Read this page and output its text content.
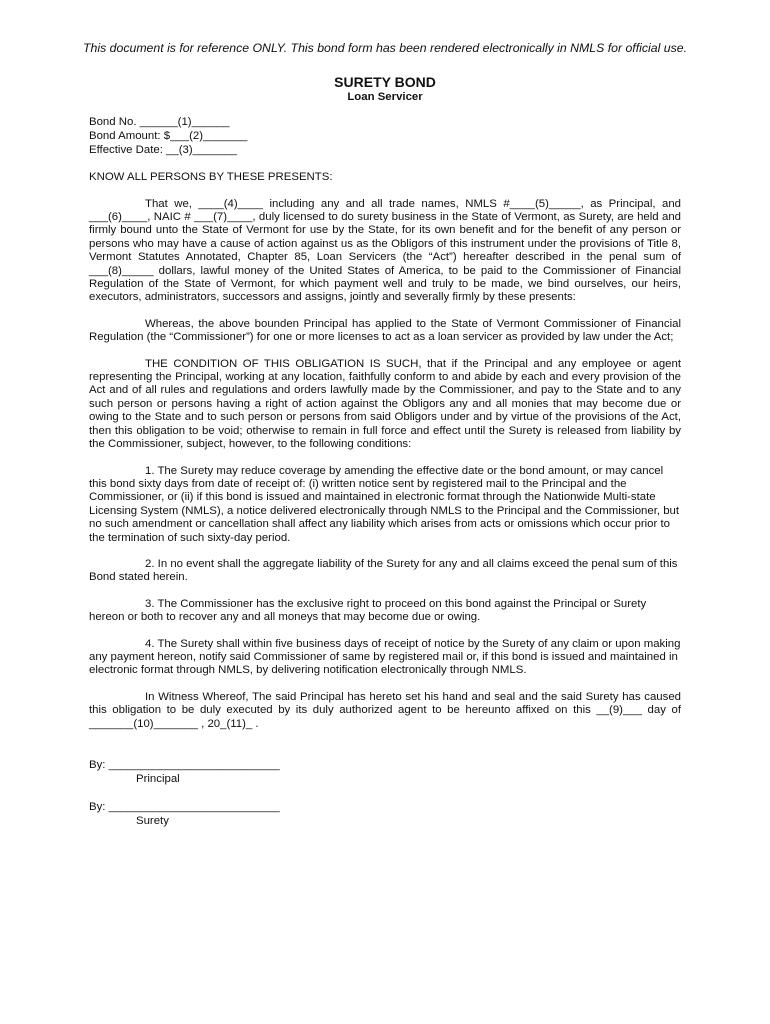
This document is for reference ONLY. This bond form has been rendered electronically in NMLS for official use.
SURETY BOND
Loan Servicer
Bond No. ______(1)______
Bond Amount: $___(2)_______
Effective Date: __(3)_______

KNOW ALL PERSONS BY THESE PRESENTS:

That we, ____(4)____ including any and all trade names, NMLS #____(5)_____, as Principal, and ___(6)____, NAIC # ___(7)____, duly licensed to do surety business in the State of Vermont, as Surety, are held and firmly bound unto the State of Vermont for use by the State, for its own benefit and for the benefit of any person or persons who may have a cause of action against us as the Obligors of this instrument under the provisions of Title 8, Vermont Statutes Annotated, Chapter 85, Loan Servicers (the “Act”) hereafter described in the penal sum of ___(8)_____ dollars, lawful money of the United States of America, to be paid to the Commissioner of Financial Regulation of the State of Vermont, for which payment well and truly to be made, we bind ourselves, our heirs, executors, administrators, successors and assigns, jointly and severally firmly by these presents:

Whereas, the above bounden Principal has applied to the State of Vermont Commissioner of Financial Regulation (the “Commissioner”) for one or more licenses to act as a loan servicer as provided by law under the Act;

THE CONDITION OF THIS OBLIGATION IS SUCH, that if the Principal and any employee or agent representing the Principal, working at any location, faithfully conform to and abide by each and every provision of the Act and of all rules and regulations and orders lawfully made by the Commissioner, and pay to the State and to any such person or persons having a right of action against the Obligors any and all monies that may become due or owing to the State and to such person or persons from said Obligors under and by virtue of the provisions of the Act, then this obligation to be void; otherwise to remain in full force and effect until the Surety is released from liability by the Commissioner, subject, however, to the following conditions:

1. The Surety may reduce coverage by amending the effective date or the bond amount, or may cancel this bond sixty days from date of receipt of: (i) written notice sent by registered mail to the Principal and the Commissioner, or (ii) if this bond is issued and maintained in electronic format through the Nationwide Multi-state Licensing System (NMLS), a notice delivered electronically through NMLS to the Principal and the Commissioner, but no such amendment or cancellation shall affect any liability which arises from acts or omissions which occur prior to the termination of such sixty-day period.

2. In no event shall the aggregate liability of the Surety for any and all claims exceed the penal sum of this Bond stated herein.

3. The Commissioner has the exclusive right to proceed on this bond against the Principal or Surety hereon or both to recover any and all moneys that may become due or owing.

4. The Surety shall within five business days of receipt of notice by the Surety of any claim or upon making any payment hereon, notify said Commissioner of same by registered mail or, if this bond is issued and maintained in electronic format through NMLS, by delivering notification electronically through NMLS.

In Witness Whereof, The said Principal has hereto set his hand and seal and the said Surety has caused this obligation to be duly executed by its duly authorized agent to be hereunto affixed on this __(9)___ day of _______(10)_______ , 20_(11)_ .

By: ___________________________
Principal
By: ___________________________
Surety
